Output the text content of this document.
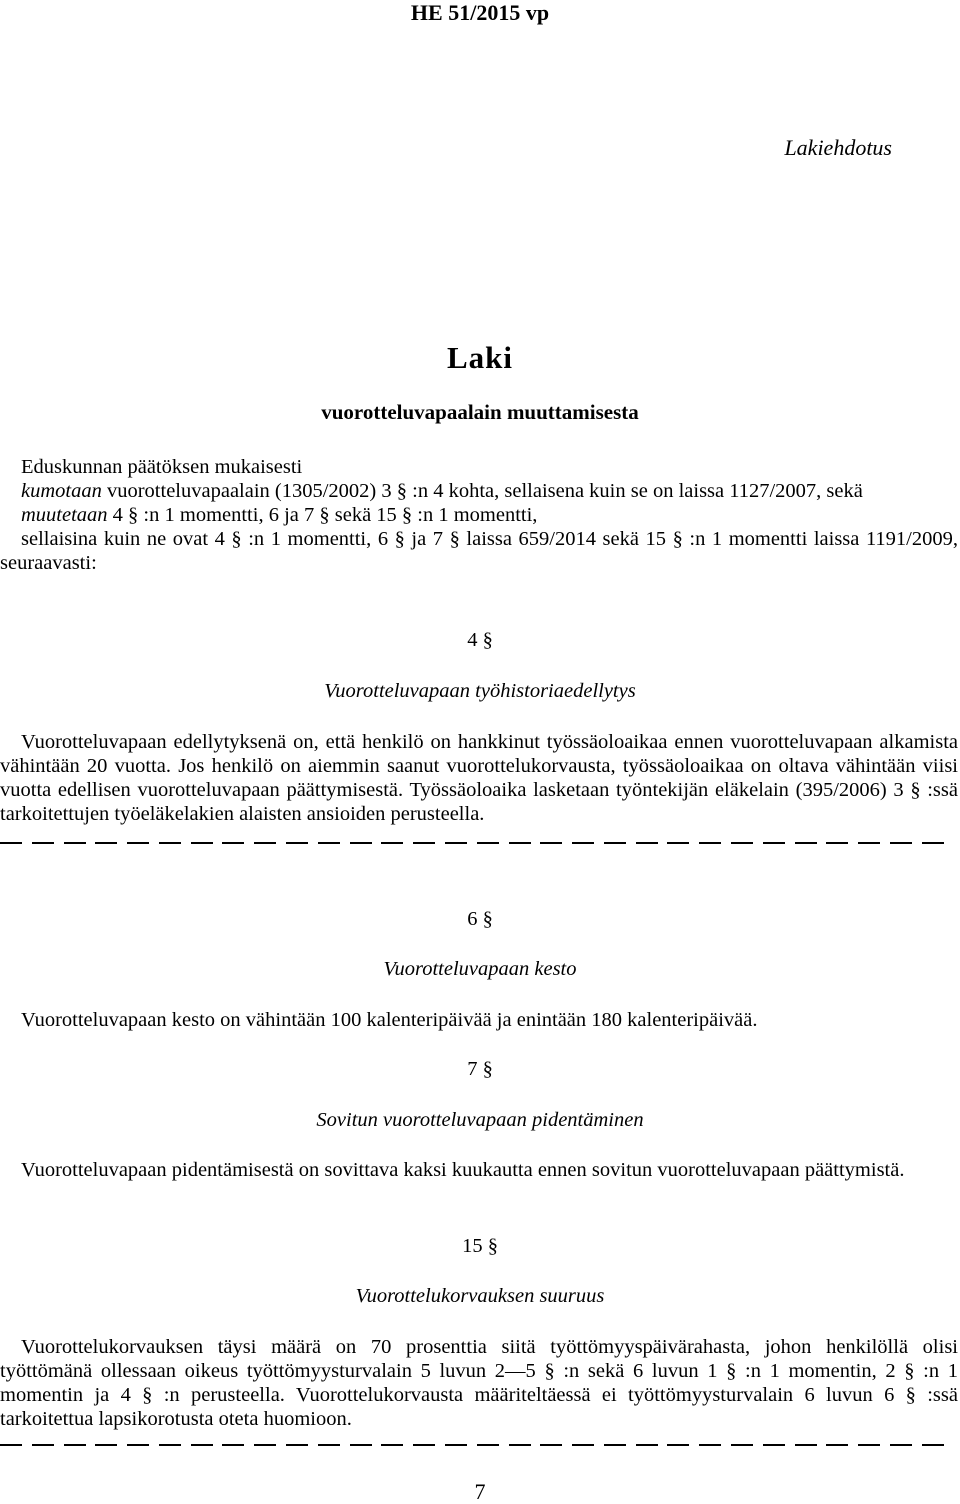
HE 51/2015 vp
Lakiehdotus
Laki
vuorotteluvapaalain muuttamisesta

Eduskunnan päätöksen mukaisesti

kumotaan vuorotteluvapaalain (1305/2002) 3 § :n 4 kohta, sellaisena kuin se on laissa 1127/2007, sekä

muutetaan 4 § :n 1 momentti, 6 ja 7 § sekä 15 § :n 1 momentti,

sellaisina kuin ne ovat 4 § :n 1 momentti, 6 § ja 7 § laissa 659/2014 sekä 15 § :n 1 momentti laissa 1191/2009, seuraavasti:

4 §
Vuorotteluvapaan työhistoriaedellytys

Vuorotteluvapaan edellytyksenä on, että henkilö on hankkinut työssäoloaikaa ennen vuorotteluvapaan alkamista vähintään 20 vuotta. Jos henkilö on aiemmin saanut vuorottelukorvausta, työssäoloaikaa on oltava vähintään viisi vuotta edellisen vuorotteluvapaan päättymisestä. Työssäoloaika lasketaan työntekijän eläkelain (395/2006) 3 § :ssä tarkoitettujen työeläkelakien alaisten ansioiden perusteella.

6 §
Vuorotteluvapaan kesto

Vuorotteluvapaan kesto on vähintään 100 kalenteripäivää ja enintään 180 kalenteripäivää.

7 §
Sovitun vuorotteluvapaan pidentäminen

Vuorotteluvapaan pidentämisestä on sovittava kaksi kuukautta ennen sovitun vuorotteluvapaan päättymistä.

15 §
Vuorottelukorvauksen suuruus

Vuorottelukorvauksen täysi määrä on 70 prosenttia siitä työttömyyspäivärahasta, johon henkilöllä olisi työttömänä ollessaan oikeus työttömyysturvalain 5 luvun 2—5 § :n sekä 6 luvun 1 § :n 1 momentin, 2 § :n 1 momentin ja 4 § :n perusteella. Vuorottelukorvausta määriteltäessä ei työttömyysturvalain 6 luvun 6 § :ssä tarkoitettua lapsikorotusta oteta huomioon.

7
